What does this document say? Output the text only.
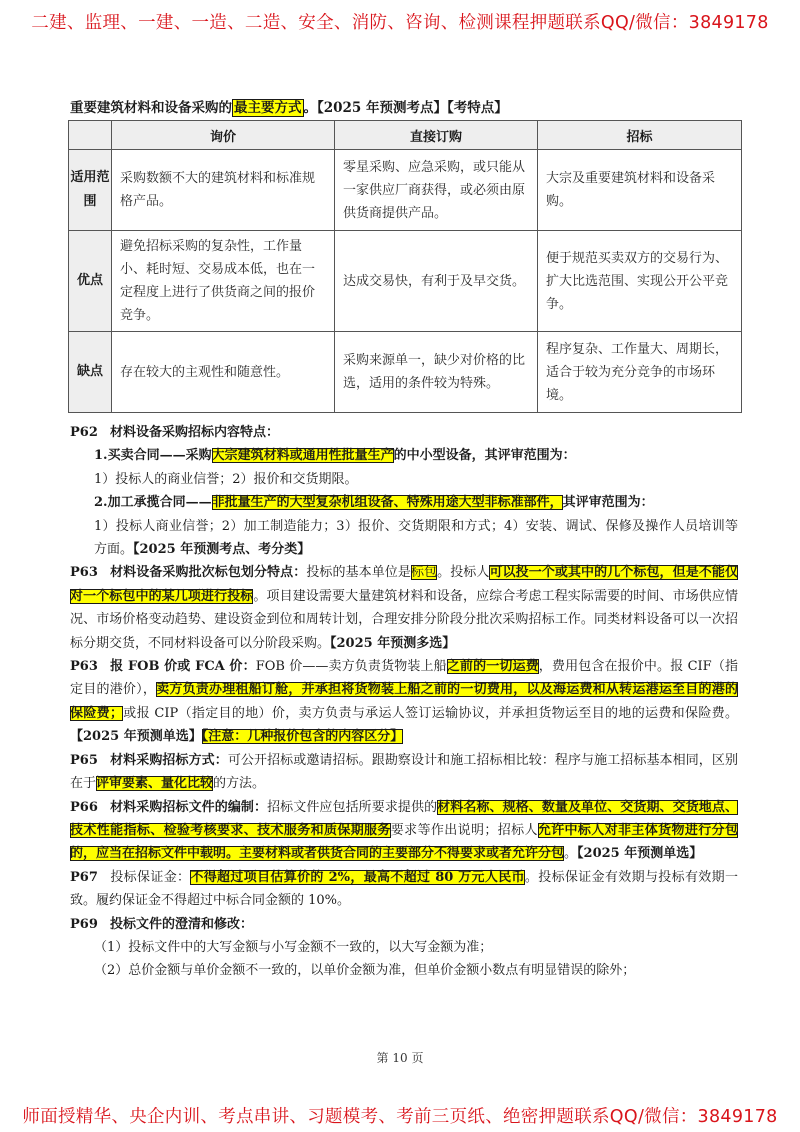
二建、监理、一建、一造、二造、安全、消防、咨询、检测课程押题联系QQ/微信：3849178
重要建筑材料和设备采购的 最主要方式 。【2025 年预测考点】【考特点】
	询价	直接订购	招标
适用范围	采购数额不大的建筑材料和标准规格产品。	零星采购、应急采购，或只能从一家供应厂商获得，或必须由原供货商提供产品。	大宗及重要建筑材料和设备采购。
优点	避免招标采购的复杂性，工作量小、耗时短、交易成本低，也在一定程度上进行了供货商之间的报价竞争。	达成交易快，有利于及早交货。	便于规范买卖双方的交易行为、扩大比选范围、实现公开公平竞争。
缺点	存在较大的主观性和随意性。	采购来源单一，缺少对价格的比选，适用的条件较为特殊。	程序复杂、工作量大、周期长，适合于较为充分竞争的市场环境。

P62 材料设备采购招标内容特点：

1.买卖合同——采购大宗建筑材料或通用性批量生产的中小型设备，其评审范围为：

1）投标人的商业信誉；2）报价和交货期限。

2.加工承揽合同——非批量生产的大型复杂机组设备、特殊用途大型非标准部件，其评审范围为：

1）投标人商业信誉；2）加工制造能力；3）报价、交货期限和方式；4）安装、调试、保修及操作人员培训等方面。【2025 年预测考点、考分类】

P63 材料设备采购批次标包划分特点：投标的基本单位是标包。投标人可以投一个或其中的几个标包，但是不能仅对一个标包中的某几项进行投标。项目建设需要大量建筑材料和设备，应综合考虑工程实际需要的时间、市场供应情况、市场价格变动趋势、建设资金到位和周转计划，合理安排分阶段分批次采购招标工作。同类材料设备可以一次招标分期交货，不同材料设备可以分阶段采购。【2025 年预测多选】

P63 报 FOB 价或 FCA 价：FOB 价——卖方负责货物装上船之前的一切运费，费用包含在报价中。报 CIF（指定目的港价），卖方负责办理租船订舱，并承担将货物装上船之前的一切费用，以及海运费和从转运港运至目的港的保险费；或报 CIP（指定目的地）价，卖方负责与承运人签订运输协议，并承担货物运至目的地的运费和保险费。【2025 年预测单选】【注意：几种报价包含的内容区分】

P65 材料采购招标方式：可公开招标或邀请招标。跟勘察设计和施工招标相比较：程序与施工招标基本相同，区别在于评审要素、量化比较的方法。

P66 材料采购招标文件的编制：招标文件应包括所要求提供的材料名称、规格、数量及单位、交货期、交货地点、技术性能指标、检验考核要求、技术服务和质保期服务要求等作出说明；招标人允许中标人对非主体货物进行分包的，应当在招标文件中载明。主要材料或者供货合同的主要部分不得要求或者允许分包。【2025 年预测单选】

P67 投标保证金：不得超过项目估算价的 2%，最高不超过 80 万元人民币。投标保证金有效期与投标有效期一致。履约保证金不得超过中标合同金额的 10%。

P69 投标文件的澄清和修改：

（1）投标文件中的大写金额与小写金额不一致的，以大写金额为准；

（2）总价金额与单价金额不一致的，以单价金额为准，但单价金额小数点有明显错误的除外；

第 10 页
师面授精华、央企内训、考点串讲、习题模考、考前三页纸、绝密押题联系QQ/微信：3849178
